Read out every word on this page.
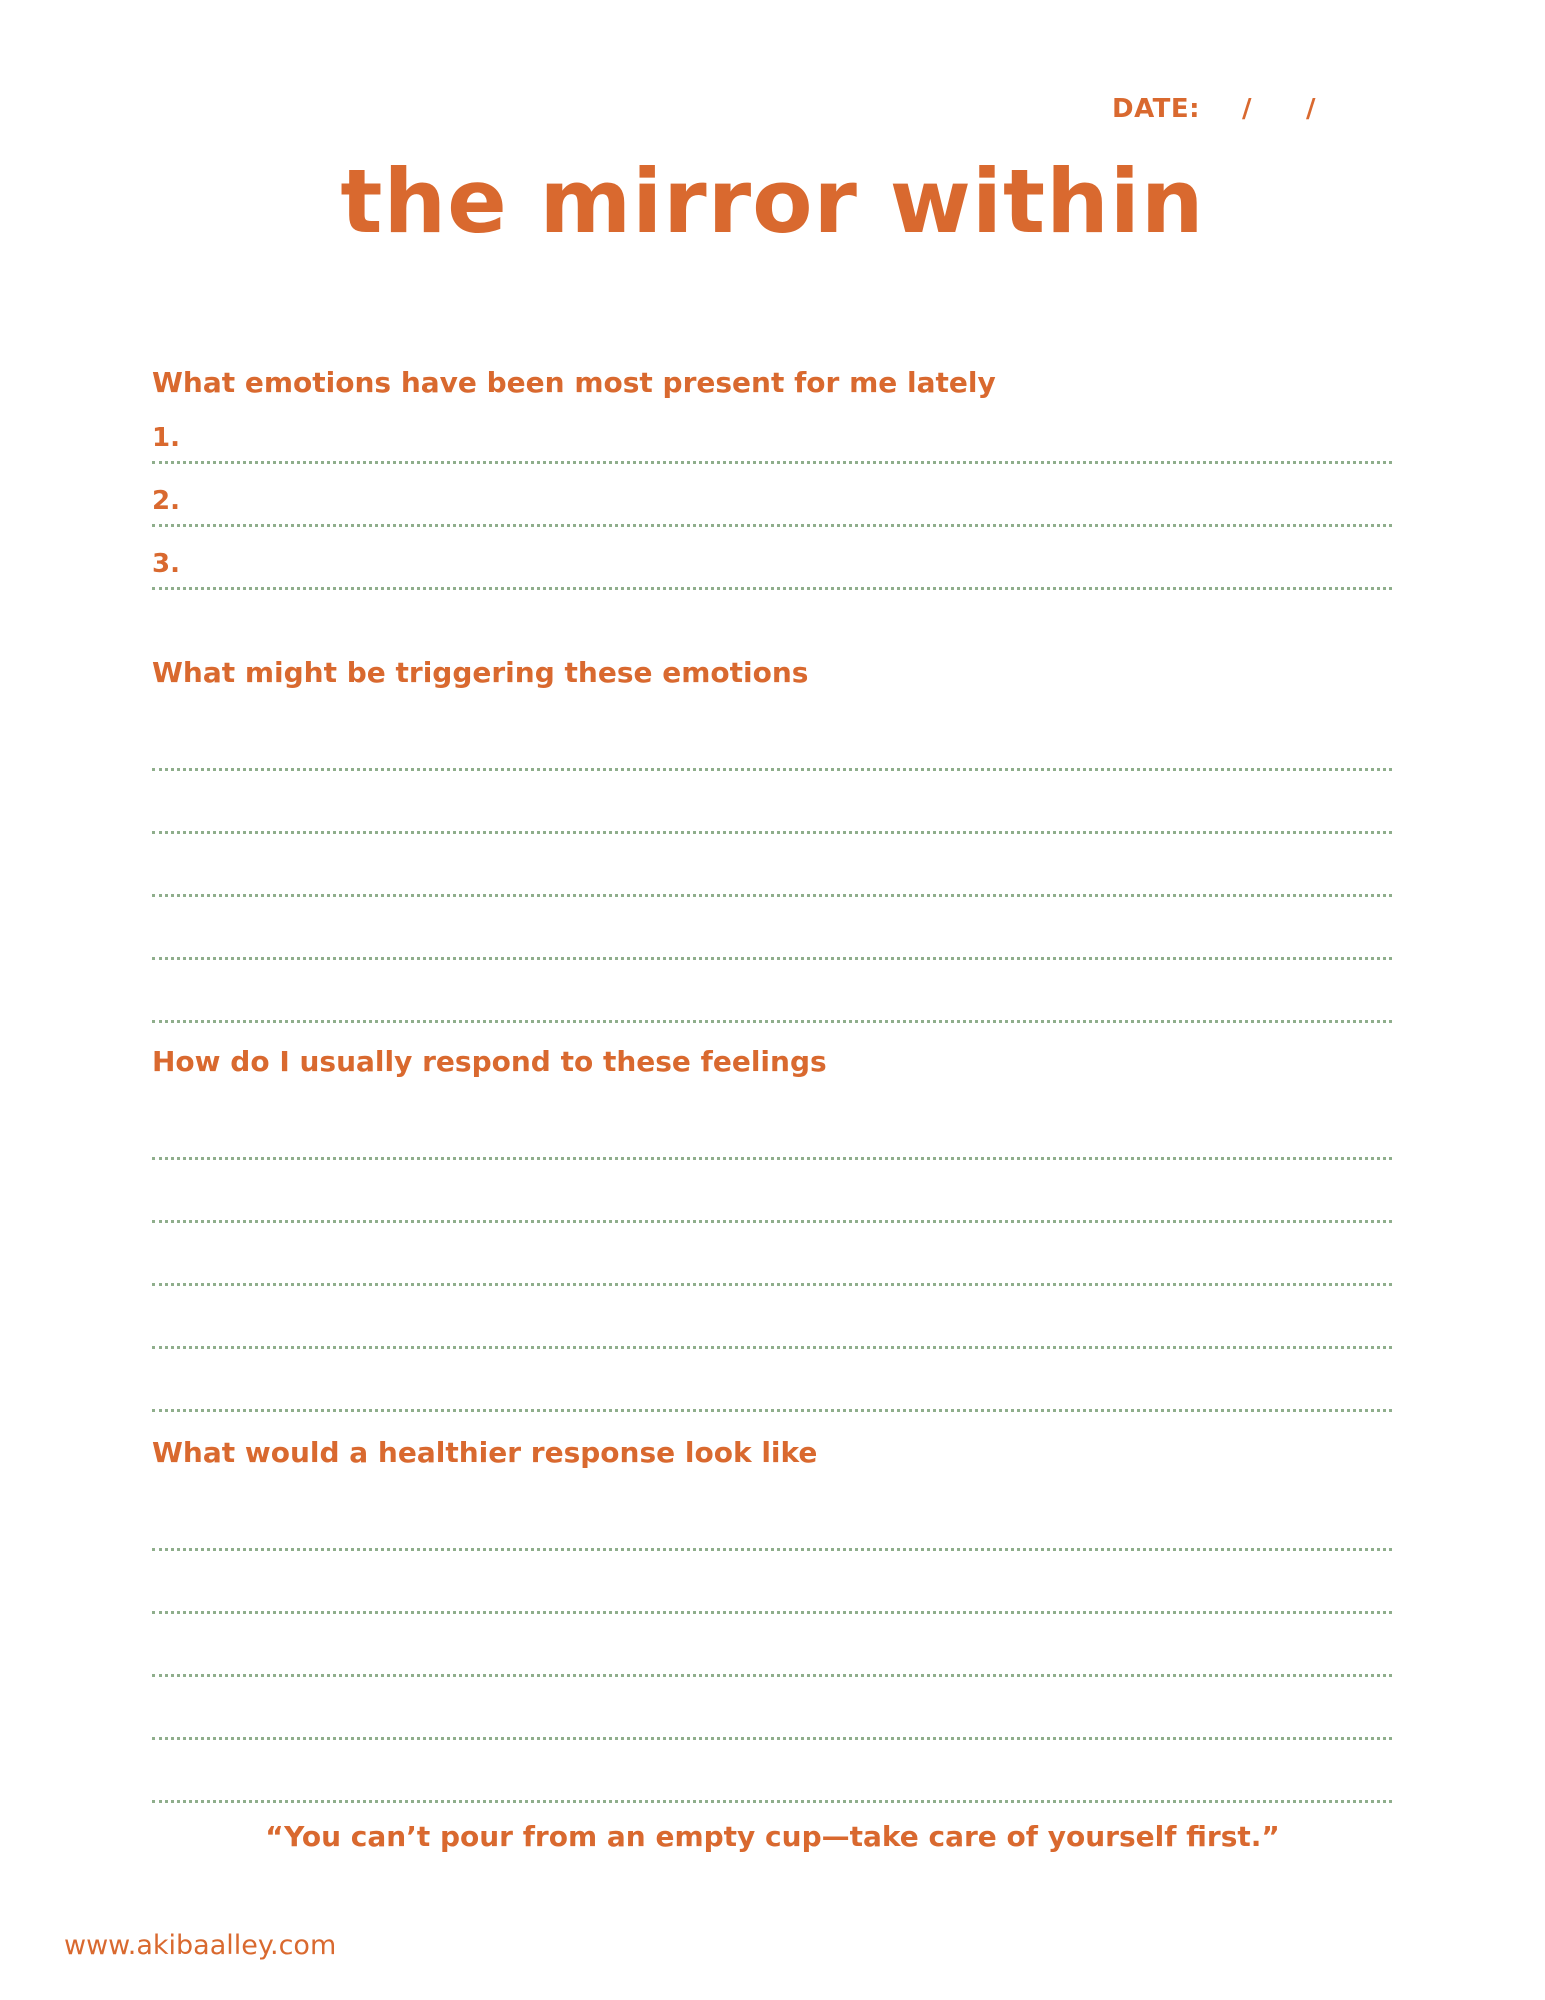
DATE: / /
the mirror within
What emotions have been most present for me lately
1.
2.
3.
What might be triggering these emotions
How do I usually respond to these feelings
What would a healthier response look like
“You can’t pour from an empty cup—take care of yourself first.”
www.akibaalley.com
